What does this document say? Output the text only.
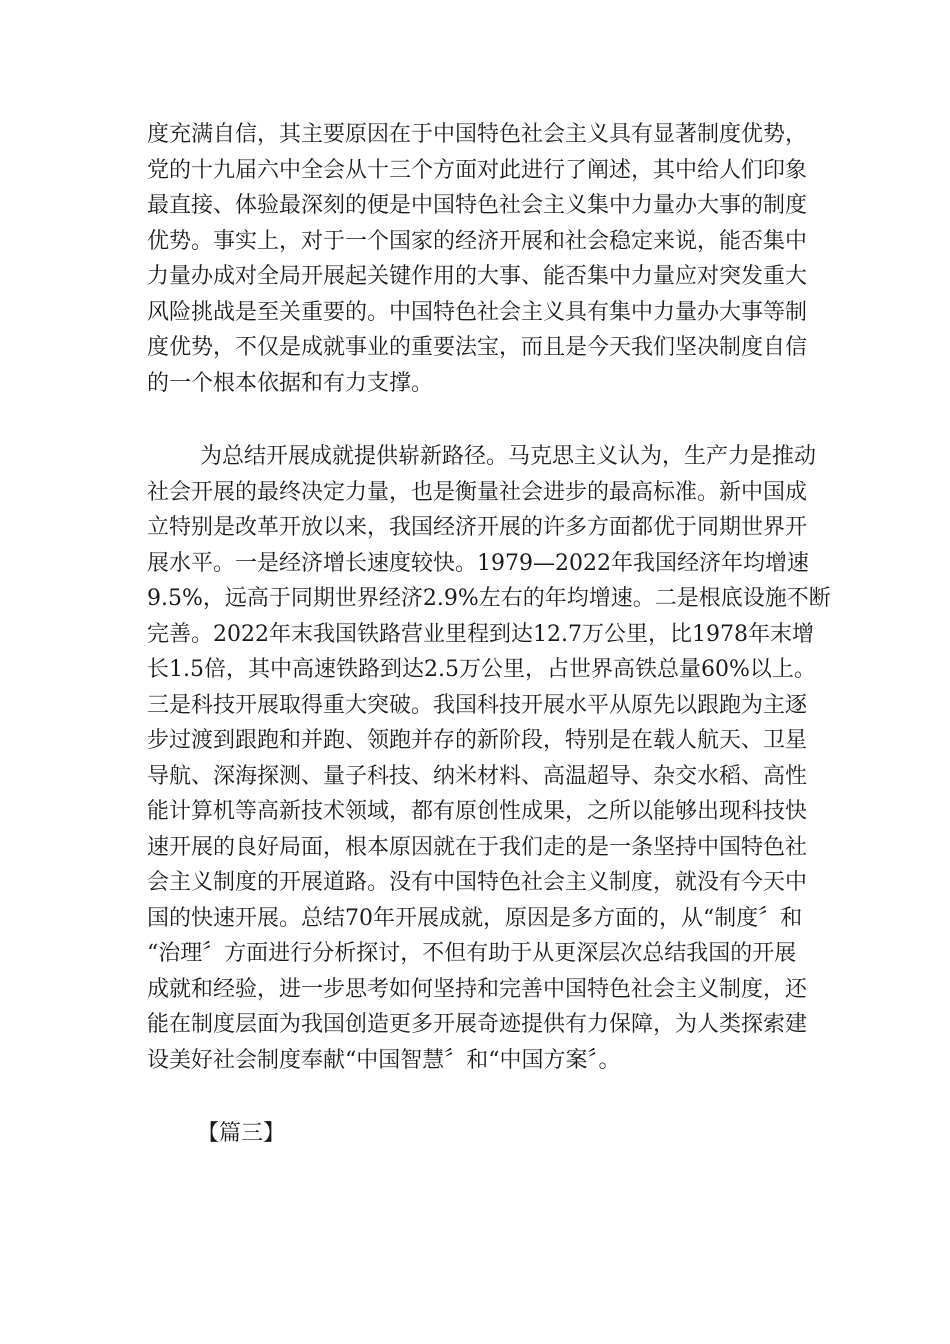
度充满自信，其主要原因在于中国特色社会主义具有显著制度优势，
党的十九届六中全会从十三个方面对此进行了阐述，其中给人们印象
最直接、体验最深刻的便是中国特色社会主义集中力量办大事的制度
优势。事实上，对于一个国家的经济开展和社会稳定来说，能否集中
力量办成对全局开展起关键作用的大事、能否集中力量应对突发重大
风险挑战是至关重要的。中国特色社会主义具有集中力量办大事等制
度优势，不仅是成就事业的重要法宝，而且是今天我们坚决制度自信
的一个根本依据和有力支撑。
为总结开展成就提供崭新路径。马克思主义认为，生产力是推动
社会开展的最终决定力量，也是衡量社会进步的最高标准。新中国成
立特别是改革开放以来，我国经济开展的许多方面都优于同期世界开
展水平。一是经济增长速度较快。1979—2022年我国经济年均增速
9.5%，远高于同期世界经济2.9%左右的年均增速。二是根底设施不断
完善。2022年末我国铁路营业里程到达12.7万公里，比1978年末增
长1.5倍，其中高速铁路到达2.5万公里，占世界高铁总量60%以上。
三是科技开展取得重大突破。我国科技开展水平从原先以跟跑为主逐
步过渡到跟跑和并跑、领跑并存的新阶段，特别是在载人航天、卫星
导航、深海探测、量子科技、纳米材料、高温超导、杂交水稻、高性
能计算机等高新技术领域，都有原创性成果，之所以能够出现科技快
速开展的良好局面，根本原因就在于我们走的是一条坚持中国特色社
会主义制度的开展道路。没有中国特色社会主义制度，就没有今天中
国的快速开展。总结70年开展成就，原因是多方面的，从“制度〞和
“治理〞方面进行分析探讨，不但有助于从更深层次总结我国的开展
成就和经验，进一步思考如何坚持和完善中国特色社会主义制度，还
能在制度层面为我国创造更多开展奇迹提供有力保障，为人类探索建
设美好社会制度奉献“中国智慧〞和“中国方案〞。
【篇三】
